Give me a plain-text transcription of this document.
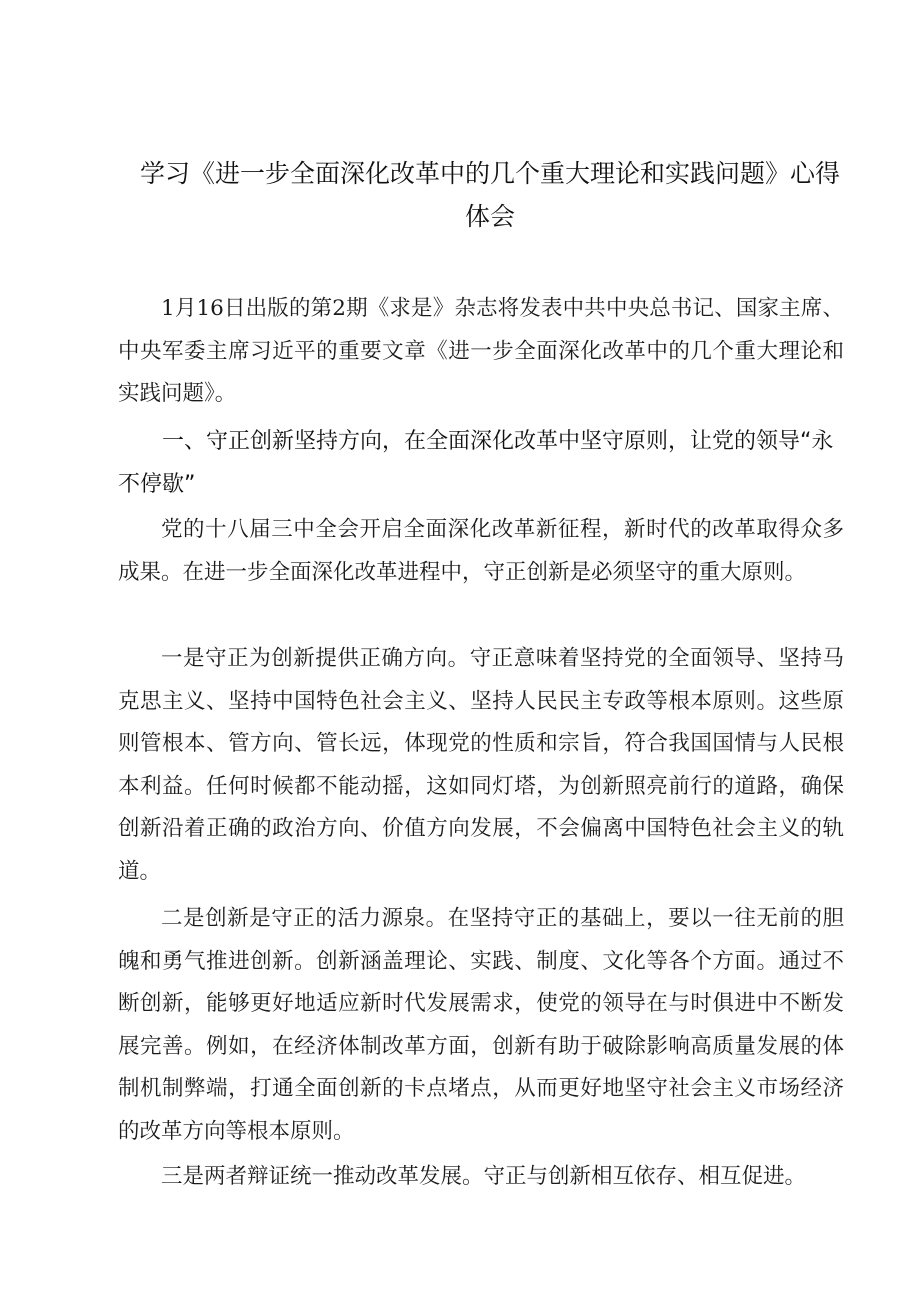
学习《进一步全面深化改革中的几个重大理论和实践问题》心得
体会

1月16日出版的第2期《求是》杂志将发表中共中央总书记、国家主席、中央军委主席习近平的重要文章《进一步全面深化改革中的几个重大理论和实践问题》。

一、守正创新坚持方向，在全面深化改革中坚守原则，让党的领导“永不停歇”

党的十八届三中全会开启全面深化改革新征程，新时代的改革取得众多成果。在进一步全面深化改革进程中，守正创新是必须坚守的重大原则。

一是守正为创新提供正确方向。守正意味着坚持党的全面领导、坚持马克思主义、坚持中国特色社会主义、坚持人民民主专政等根本原则。这些原则管根本、管方向、管长远，体现党的性质和宗旨，符合我国国情与人民根本利益。任何时候都不能动摇，这如同灯塔，为创新照亮前行的道路，确保创新沿着正确的政治方向、价值方向发展，不会偏离中国特色社会主义的轨道。

二是创新是守正的活力源泉。在坚持守正的基础上，要以一往无前的胆魄和勇气推进创新。创新涵盖理论、实践、制度、文化等各个方面。通过不断创新，能够更好地适应新时代发展需求，使党的领导在与时俱进中不断发展完善。例如，在经济体制改革方面，创新有助于破除影响高质量发展的体制机制弊端，打通全面创新的卡点堵点，从而更好地坚守社会主义市场经济的改革方向等根本原则。

三是两者辩证统一推动改革发展。守正与创新相互依存、相互促进。
